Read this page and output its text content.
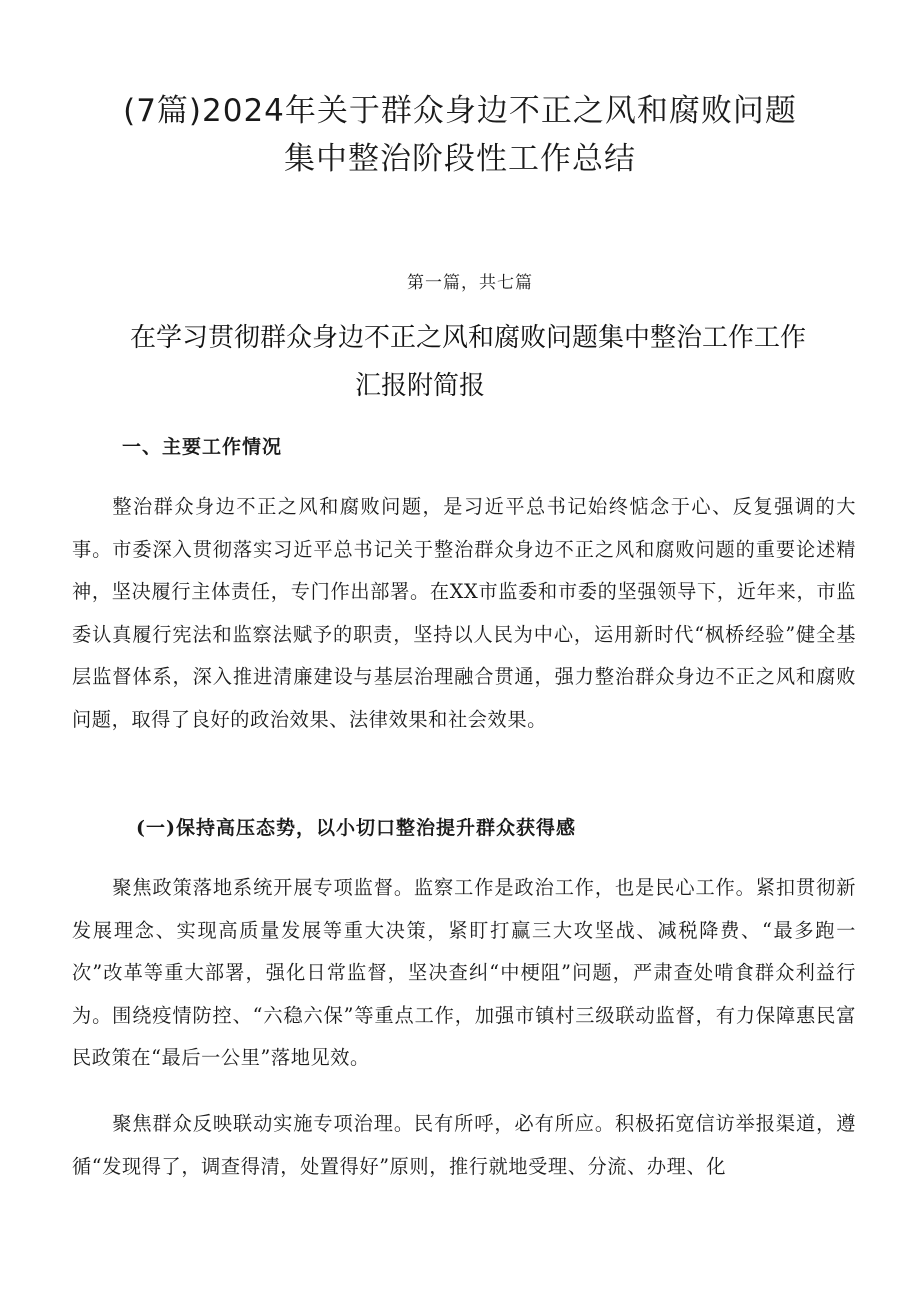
(7篇)2024年关于群众身边不正之风和腐败问题
集中整治阶段性工作总结
第一篇，共七篇
在学习贯彻群众身边不正之风和腐败问题集中整治工作工作
汇报附简报
一、主要工作情况

整治群众身边不正之风和腐败问题，是习近平总书记始终惦念于心、反复强调的大事。市委深入贯彻落实习近平总书记关于整治群众身边不正之风和腐败问题的重要论述精神，坚决履行主体责任，专门作出部署。在XX市监委和市委的坚强领导下，近年来，市监委认真履行宪法和监察法赋予的职责，坚持以人民为中心，运用新时代“枫桥经验”健全基层监督体系，深入推进清廉建设与基层治理融合贯通，强力整治群众身边不正之风和腐败问题，取得了良好的政治效果、法律效果和社会效果。

(一)保持高压态势，以小切口整治提升群众获得感

聚焦政策落地系统开展专项监督。监察工作是政治工作，也是民心工作。紧扣贯彻新发展理念、实现高质量发展等重大决策，紧盯打赢三大攻坚战、减税降费、“最多跑一次”改革等重大部署，强化日常监督，坚决查纠“中梗阻”问题，严肃查处啃食群众利益行为。围绕疫情防控、“六稳六保”等重点工作，加强市镇村三级联动监督，有力保障惠民富民政策在“最后一公里”落地见效。

聚焦群众反映联动实施专项治理。民有所呼，必有所应。积极拓宽信访举报渠道，遵循“发现得了，调查得清，处置得好”原则，推行就地受理、分流、办理、化
